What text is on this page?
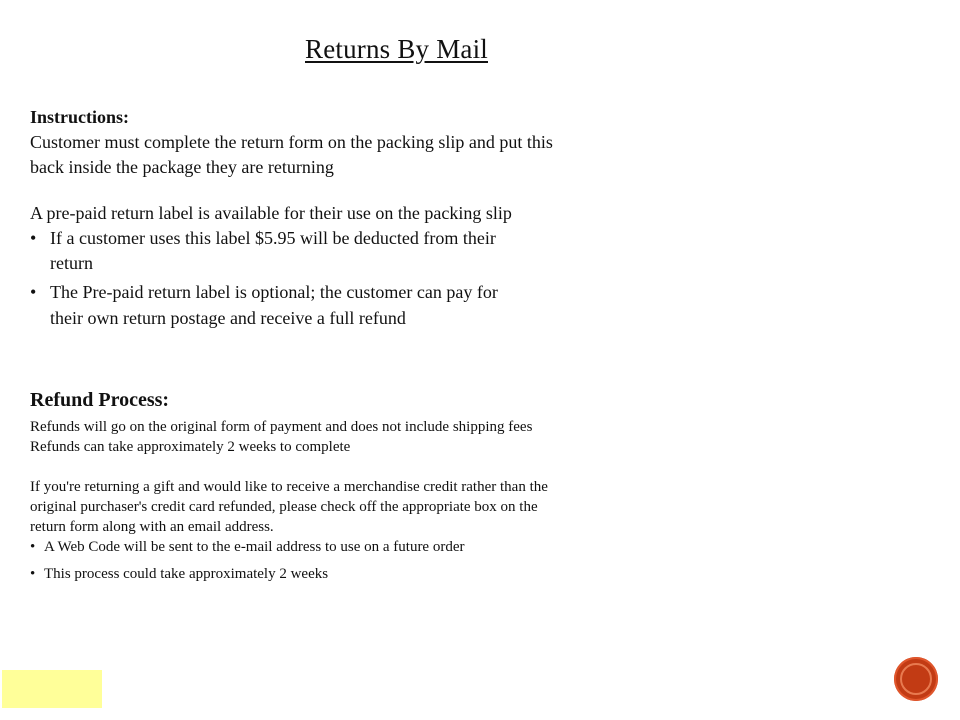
Returns By Mail
Instructions:
Customer must complete the return form on the packing slip and put this
back inside the package they are returning
A pre-paid return label is available for their use on the packing slip
• If a customer uses this label $5.95 will be deducted from their
return
• The Pre-paid return label is optional; the customer can pay for
their own return postage and receive a full refund
Refund Process:
Refunds will go on the original form of payment and does not include shipping fees
Refunds can take approximately 2 weeks to complete
If you're returning a gift and would like to receive a merchandise credit rather than the
original purchaser's credit card refunded, please check off the appropriate box on the
return form along with an email address.
• A Web Code will be sent to the e-mail address to use on a future order
• This process could take approximately 2 weeks
